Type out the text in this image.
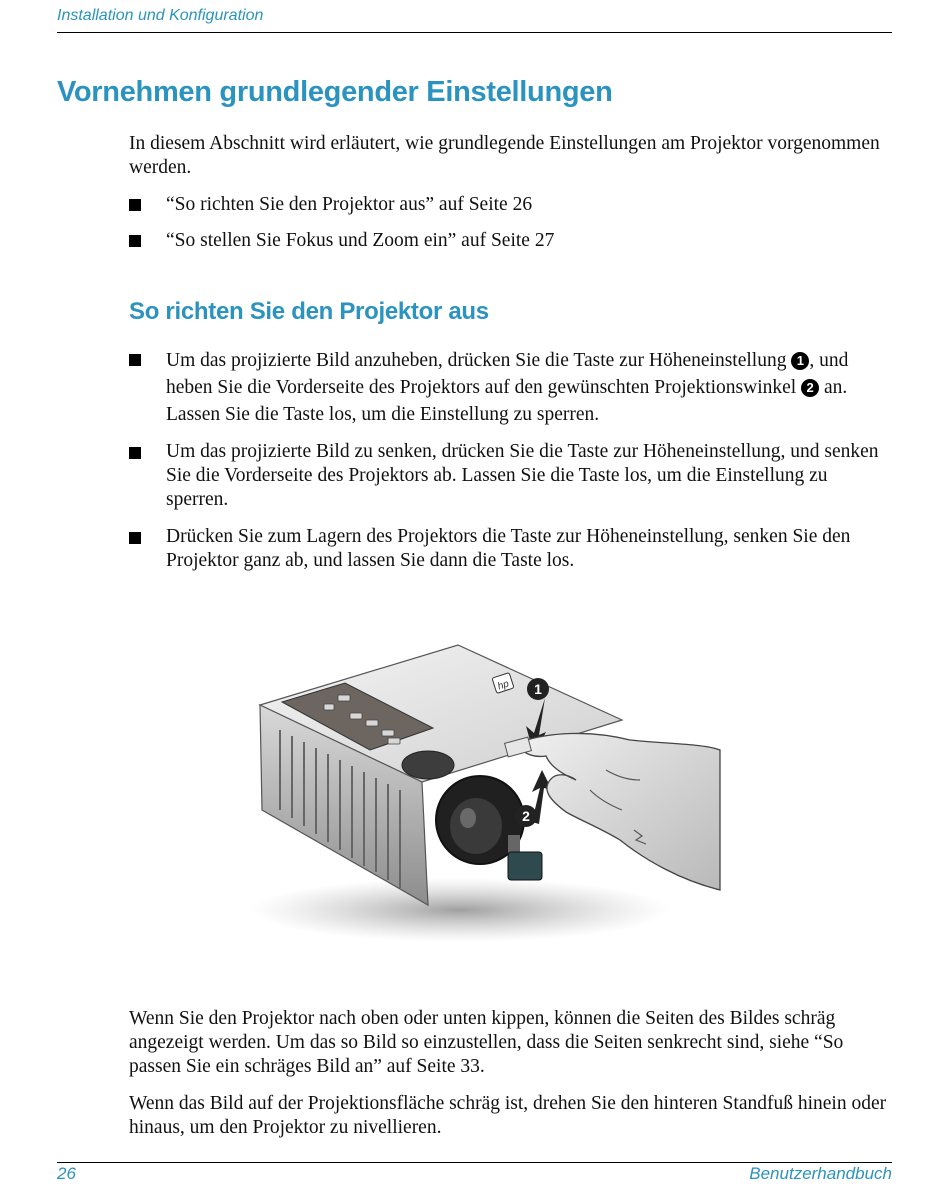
Installation und Konfiguration
Vornehmen grundlegender Einstellungen
In diesem Abschnitt wird erläutert, wie grundlegende Einstellungen am Projektor vorgenommen werden.
“So richten Sie den Projektor aus” auf Seite 26
“So stellen Sie Fokus und Zoom ein” auf Seite 27
So richten Sie den Projektor aus
Um das projizierte Bild anzuheben, drücken Sie die Taste zur Höheneinstellung 1 , und heben Sie die Vorderseite des Projektors auf den gewünschten Projektionswinkel 2 an. Lassen Sie die Taste los, um die Einstellung zu sperren.
Um das projizierte Bild zu senken, drücken Sie die Taste zur Höheneinstellung, und senken Sie die Vorderseite des Projektors ab. Lassen Sie die Taste los, um die Einstellung zu sperren.
Drücken Sie zum Lagern des Projektors die Taste zur Höheneinstellung, senken Sie den Projektor ganz ab, und lassen Sie dann die Taste los.
hp 1
2
Wenn Sie den Projektor nach oben oder unten kippen, können die Seiten des Bildes schräg angezeigt werden. Um das so Bild so einzustellen, dass die Seiten senkrecht sind, siehe “So passen Sie ein schräges Bild an” auf Seite 33.
Wenn das Bild auf der Projektionsfläche schräg ist, drehen Sie den hinteren Standfuß hinein oder hinaus, um den Projektor zu nivellieren.
26	Benutzerhandbuch
